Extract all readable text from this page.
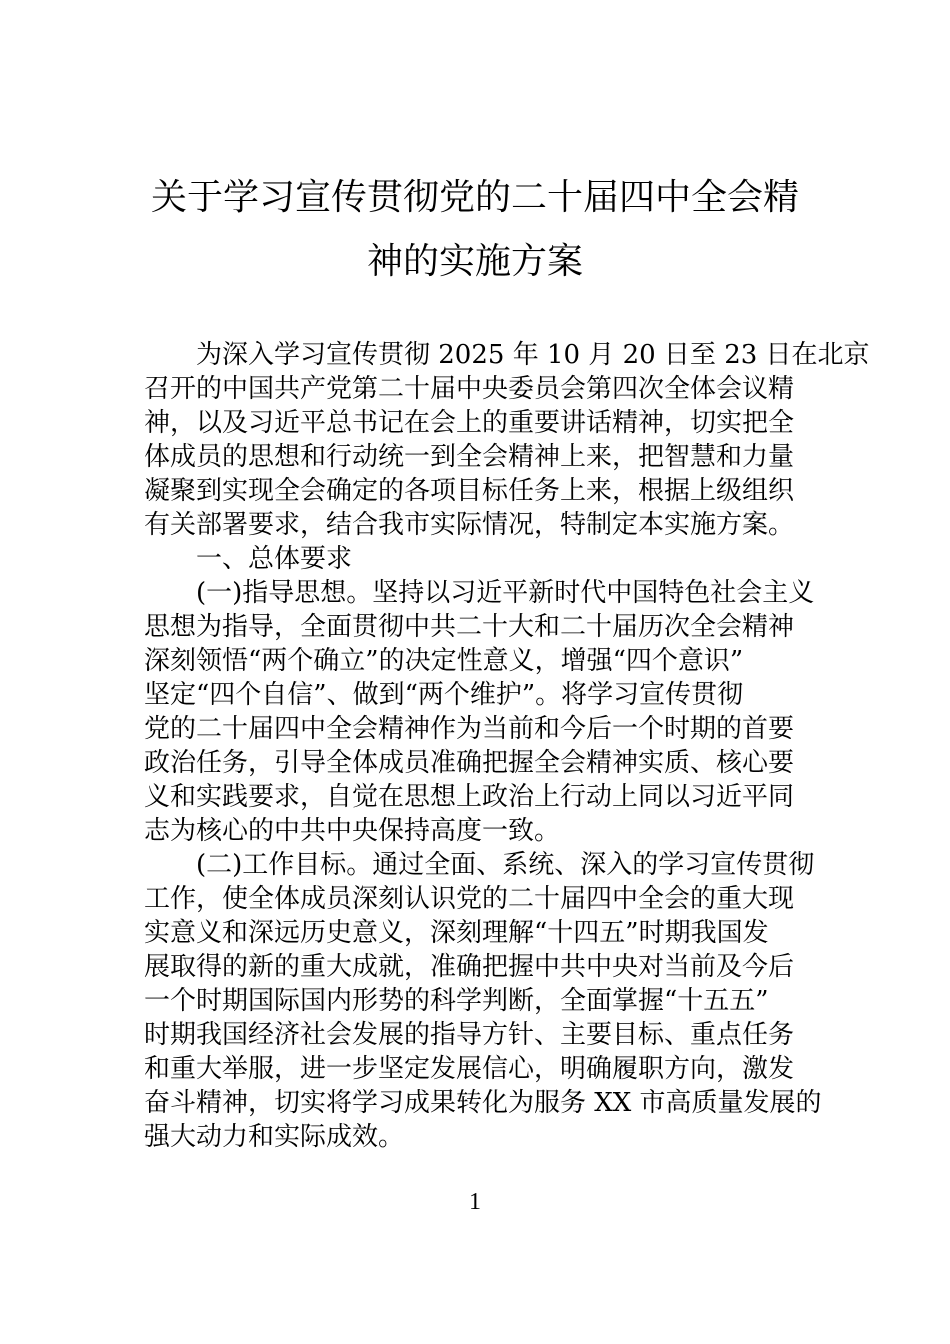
关于学习宣传贯彻党的二十届四中全会精
神的实施方案
为深入学习宣传贯彻 2025 年 10 月 20 日至 23 日在北京
召开的中国共产党第二十届中央委员会第四次全体会议精
神，以及习近平总书记在会上的重要讲话精神，切实把全
体成员的思想和行动统一到全会精神上来，把智慧和力量
凝聚到实现全会确定的各项目标任务上来，根据上级组织
有关部署要求，结合我市实际情况，特制定本实施方案。
一、总体要求
(一)指导思想。坚持以习近平新时代中国特色社会主义
思想为指导，全面贯彻中共二十大和二十届历次全会精神
深刻领悟“两个确立”的决定性意义，增强“四个意识”
坚定“四个自信”、做到“两个维护”。将学习宣传贯彻
党的二十届四中全会精神作为当前和今后一个时期的首要
政治任务，引导全体成员准确把握全会精神实质、核心要
义和实践要求，自觉在思想上政治上行动上同以习近平同
志为核心的中共中央保持高度一致。
(二)工作目标。通过全面、系统、深入的学习宣传贯彻
工作，使全体成员深刻认识党的二十届四中全会的重大现
实意义和深远历史意义，深刻理解“十四五”时期我国发
展取得的新的重大成就，准确把握中共中央对当前及今后
一个时期国际国内形势的科学判断，全面掌握“十五五”
时期我国经济社会发展的指导方针、主要目标、重点任务
和重大举服，进一步坚定发展信心，明确履职方向，激发
奋斗精神，切实将学习成果转化为服务 XX 市高质量发展的
强大动力和实际成效。
1
